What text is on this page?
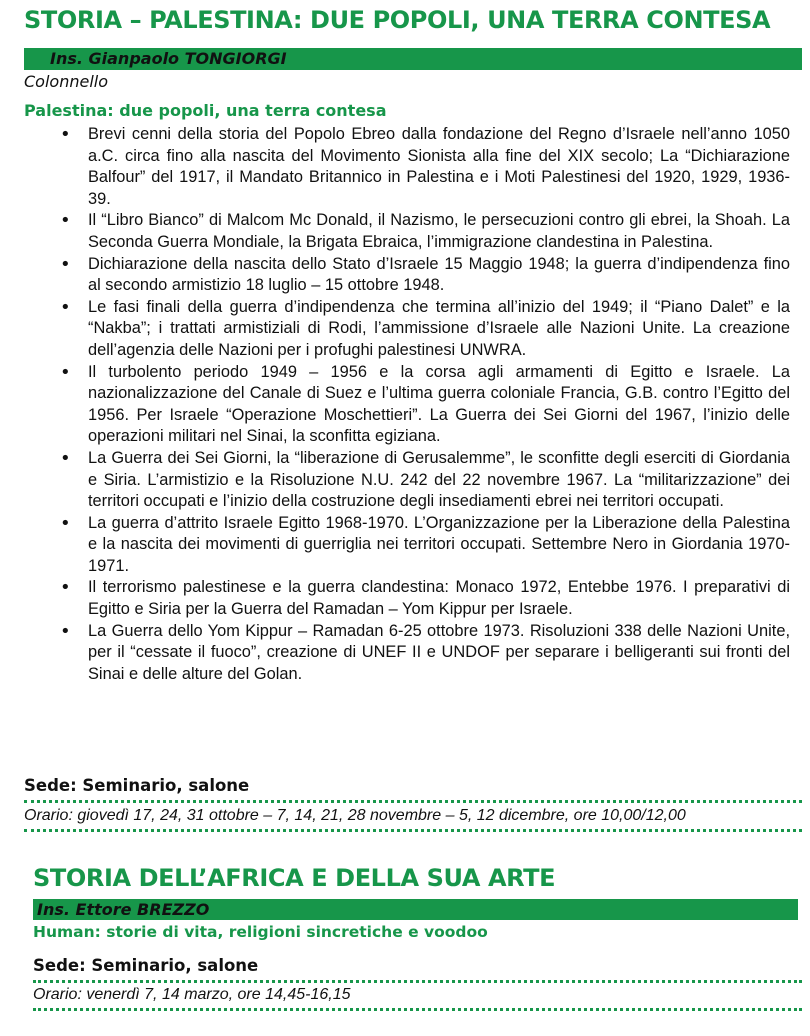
STORIA – PALESTINA: DUE POPOLI, UNA TERRA CONTESA
Ins. Gianpaolo TONGIORGI
Colonnello
Palestina: due popoli, una terra contesa
• Brevi cenni della storia del Popolo Ebreo dalla fondazione del Regno d’Israele nell’anno 1050 a.C. circa fino alla nascita del Movimento Sionista alla fine del XIX secolo; La “Dichiarazione Balfour” del 1917, il Mandato Britannico in Palestina e i Moti Palestinesi del 1920, 1929, 1936-39.
• Il “Libro Bianco” di Malcom Mc Donald, il Nazismo, le persecuzioni contro gli ebrei, la Shoah. La Seconda Guerra Mondiale, la Brigata Ebraica, l’immigrazione clandestina in Palestina.
• Dichiarazione della nascita dello Stato d’Israele 15 Maggio 1948; la guerra d’indipendenza fino al secondo armistizio 18 luglio – 15 ottobre 1948.
• Le fasi finali della guerra d’indipendenza che termina all’inizio del 1949; il “Piano Dalet” e la “Nakba”; i trattati armistiziali di Rodi, l’ammissione d’Israele alle Nazioni Unite. La creazione dell’agenzia delle Nazioni per i profughi palestinesi UNWRA.
• Il turbolento periodo 1949 – 1956 e la corsa agli armamenti di Egitto e Israele. La nazionalizzazione del Canale di Suez e l’ultima guerra coloniale Francia, G.B. contro l’Egitto del 1956. Per Israele “Operazione Moschettieri”. La Guerra dei Sei Giorni del 1967, l’inizio delle operazioni militari nel Sinai, la sconfitta egiziana.
• La Guerra dei Sei Giorni, la “liberazione di Gerusalemme”, le sconfitte degli eserciti di Giordania e Siria. L’armistizio e la Risoluzione N.U. 242 del 22 novembre 1967. La “militarizzazione” dei territori occupati e l’inizio della costruzione degli insediamenti ebrei nei territori occupati.
• La guerra d’attrito Israele Egitto 1968-1970. L’Organizzazione per la Liberazione della Palestina e la nascita dei movimenti di guerriglia nei territori occupati. Settembre Nero in Giordania 1970-1971.
• Il terrorismo palestinese e la guerra clandestina: Monaco 1972, Entebbe 1976. I preparativi di Egitto e Siria per la Guerra del Ramadan – Yom Kippur per Israele.
• La Guerra dello Yom Kippur – Ramadan 6-25 ottobre 1973. Risoluzioni 338 delle Nazioni Unite, per il “cessate il fuoco”, creazione di UNEF II e UNDOF per separare i belligeranti sui fronti del Sinai e delle alture del Golan.
Sede: Seminario, salone
Orario: giovedì 17, 24, 31 ottobre – 7, 14, 21, 28 novembre – 5, 12 dicembre, ore 10,00/12,00
STORIA DELL’AFRICA E DELLA SUA ARTE
Ins. Ettore BREZZO
Human: storie di vita, religioni sincretiche e voodoo
Sede: Seminario, salone
Orario: venerdì 7, 14 marzo, ore 14,45-16,15
